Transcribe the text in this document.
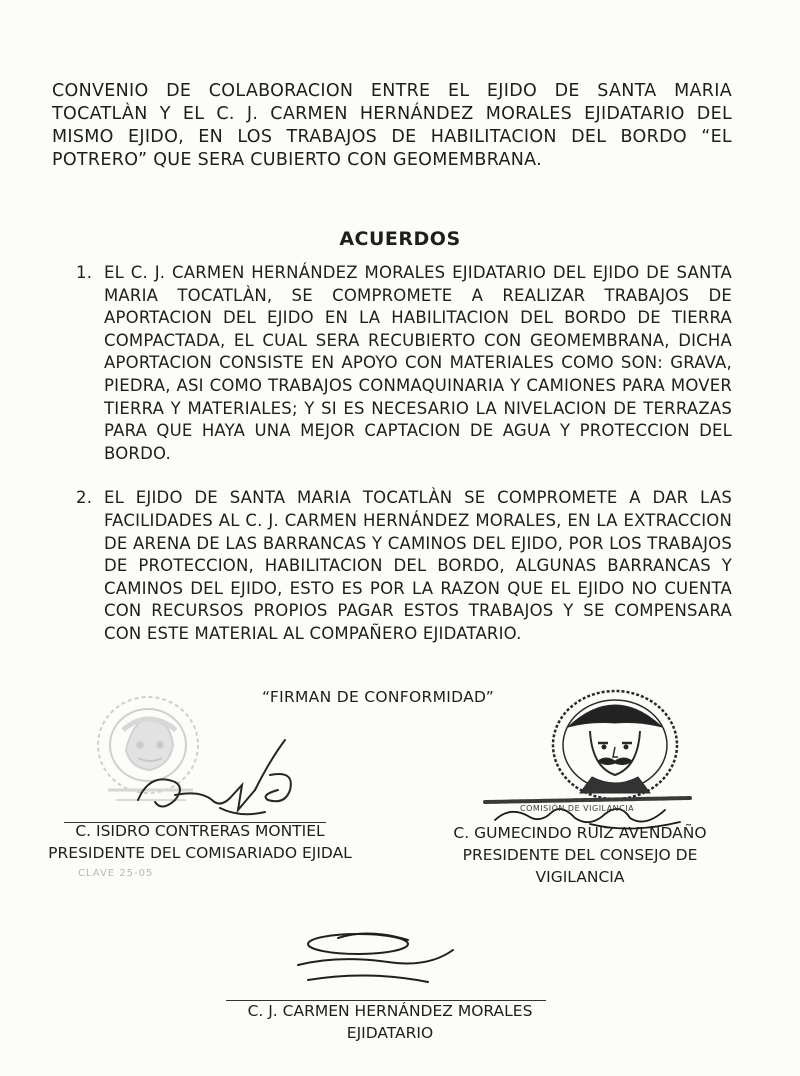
CONVENIO DE COLABORACION ENTRE EL EJIDO DE SANTA MARIA TOCATLÀN Y EL C. J. CARMEN HERNÁNDEZ MORALES EJIDATARIO DEL MISMO EJIDO, EN LOS TRABAJOS DE HABILITACION DEL BORDO “EL POTRERO” QUE SERA CUBIERTO CON GEOMEMBRANA.

ACUERDOS
1. EL C. J. CARMEN HERNÁNDEZ MORALES EJIDATARIO DEL EJIDO DE SANTA MARIA TOCATLÀN, SE COMPROMETE A REALIZAR TRABAJOS DE APORTACION DEL EJIDO EN LA HABILITACION DEL BORDO DE TIERRA COMPACTADA, EL CUAL SERA RECUBIERTO CON GEOMEMBRANA, DICHA APORTACION CONSISTE EN APOYO CON MATERIALES COMO SON: GRAVA, PIEDRA, ASI COMO TRABAJOS CONMAQUINARIA Y CAMIONES PARA MOVER TIERRA Y MATERIALES; Y SI ES NECESARIO LA NIVELACION DE TERRAZAS PARA QUE HAYA UNA MEJOR CAPTACION DE AGUA Y PROTECCION DEL BORDO.
2. EL EJIDO DE SANTA MARIA TOCATLÀN SE COMPROMETE A DAR LAS FACILIDADES AL C. J. CARMEN HERNÁNDEZ MORALES, EN LA EXTRACCION DE ARENA DE LAS BARRANCAS Y CAMINOS DEL EJIDO, POR LOS TRABAJOS DE PROTECCION, HABILITACION DEL BORDO, ALGUNAS BARRANCAS Y CAMINOS DEL EJIDO, ESTO ES POR LA RAZON QUE EL EJIDO NO CUENTA CON RECURSOS PROPIOS PAGAR ESTOS TRABAJOS Y SE COMPENSARA CON ESTE MATERIAL AL COMPAÑERO EJIDATARIO.
“FIRMAN DE CONFORMIDAD”
C. ISIDRO CONTRERAS MONTIEL
PRESIDENTE DEL COMISARIADO EJIDAL
CLAVE 25-05
C. GUMECINDO RUIZ AVENDAÑO
PRESIDENTE DEL CONSEJO DE
VIGILANCIA
COMISIÓN DE VIGILANCIA
C. J. CARMEN HERNÁNDEZ MORALES
EJIDATARIO
